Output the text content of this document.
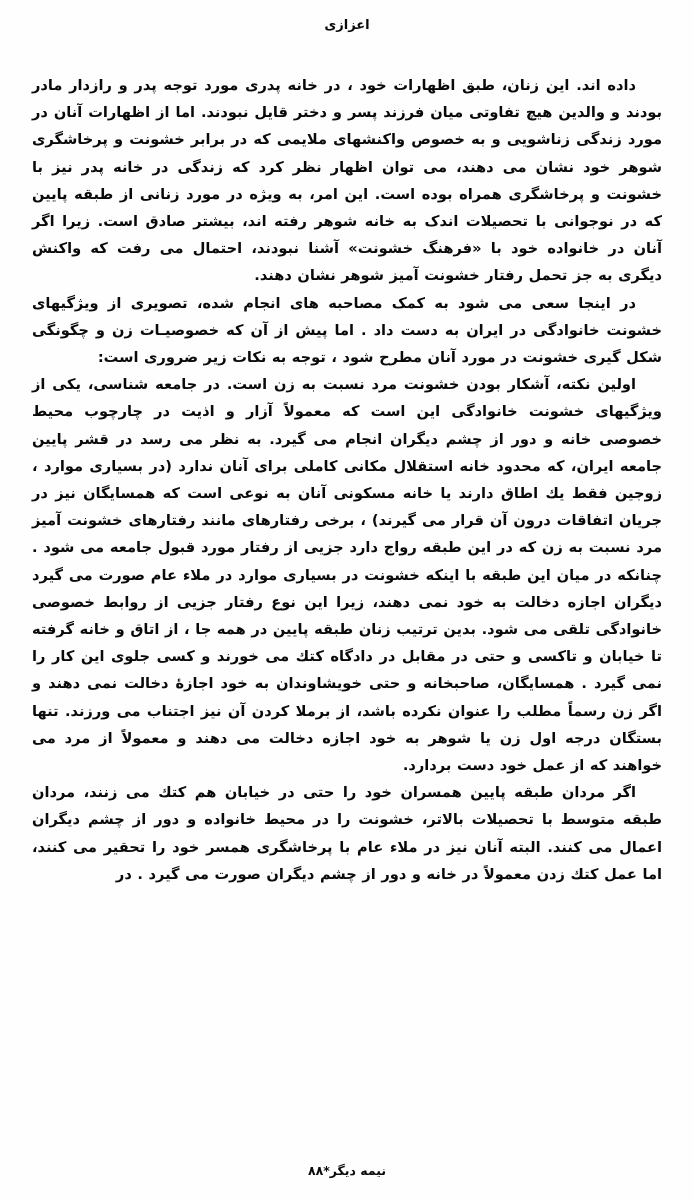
اعزازی

داده اند. این زنان، طبق اظهارات خود ، در خانه پدری مورد توجه پدر و رازدار مادر بودند و والدین هیچ تفاوتی میان فرزند پسر و دختر قایل نبودند. اما از اظهارات آنان در مورد زندگی زناشویی و به خصوص واکنشهای ملایمی که در برابر خشونت و پرخاشگری شوهر خود نشان می دهند، می توان اظهار نظر کرد که زندگی در خانه پدر نیز با خشونت و پرخاشگری همراه بوده است. این امر، به ویژه در مورد زنانی از طبقه پایین که در نوجوانی با تحصیلات اندک به خانه شوهر رفته اند، بیشتر صادق است. زیرا اگر آنان در خانواده خود با «فرهنگ خشونت» آشنا نبودند، احتمال می رفت که واکنش دیگری به جز تحمل رفتار خشونت آمیز شوهر نشان دهند.

در اینجا سعی می شود به کمک مصاحبه های انجام شده، تصویری از ویژگیهای خشونت خانوادگی در ایران به دست داد . اما پیش از آن که خصوصیـات زن و چگونگی شکل گیری خشونت در مورد آنان مطرح شود ، توجه به نکات زیر ضروری است:

اولین نکته، آشکار بودن خشونت مرد نسبت به زن است. در جامعه شناسی، یکی از ویژگیهای خشونت خانوادگی این است که معمولاً آزار و اذیت در چارچوب محیط خصوصی خانه و دور از چشم دیگران انجام می گیرد. به نظر می رسد در قشر پایین جامعه ایران، که محدود خانه استقلال مکانی کاملی برای آنان ندارد (در بسیاری موارد ، زوجین فقط یك اطاق دارند یا خانه مسکونی آنان به نوعی است که همسایگان نیز در جریان اتفاقات درون آن قرار می گیرند) ، برخی رفتارهای مانند رفتارهای خشونت آمیز مرد نسبت به زن که در این طبقه رواج دارد جزیی از رفتار مورد قبول جامعه می شود . چنانکه در میان این طبقه با اینکه خشونت در بسیاری موارد در ملاء عام صورت می گیرد دیگران اجازه دخالت به خود نمی دهند، زیرا این نوع رفتار جزیی از روابط خصوصی خانوادگی تلقی می شود. بدین ترتیب زنان طبقه پایین در همه جا ، از اتاق و خانه گرفته تا خیابان و تاکسی و حتی در مقابل در دادگاه کتك می خورند و کسی جلوی این کار را نمی گیرد . همسایگان، صاحبخانه و حتی خویشاوندان به خود اجازهٔ دخالت نمی دهند و اگر زن رسماً مطلب را عنوان نکرده باشد، از برملا کردن آن نیز اجتناب می ورزند. تنها بستگان درجه اول زن یا شوهر به خود اجازه دخالت می دهند و معمولاً از مرد می خواهند که از عمل خود دست بردارد.

اگر مردان طبقه پایین همسران خود را حتی در خیابان هم کتك می زنند، مردان طبقه متوسط با تحصیلات بالاتر، خشونت را در محیط خانواده و دور از چشم دیگران اعمال می کنند. البته آنان نیز در ملاء عام با پرخاشگری همسر خود را تحقیر می کنند، اما عمل کتك زدن معمولاً در خانه و دور از چشم دیگران صورت می گیرد . در

نیمه دیگر*۸۸
